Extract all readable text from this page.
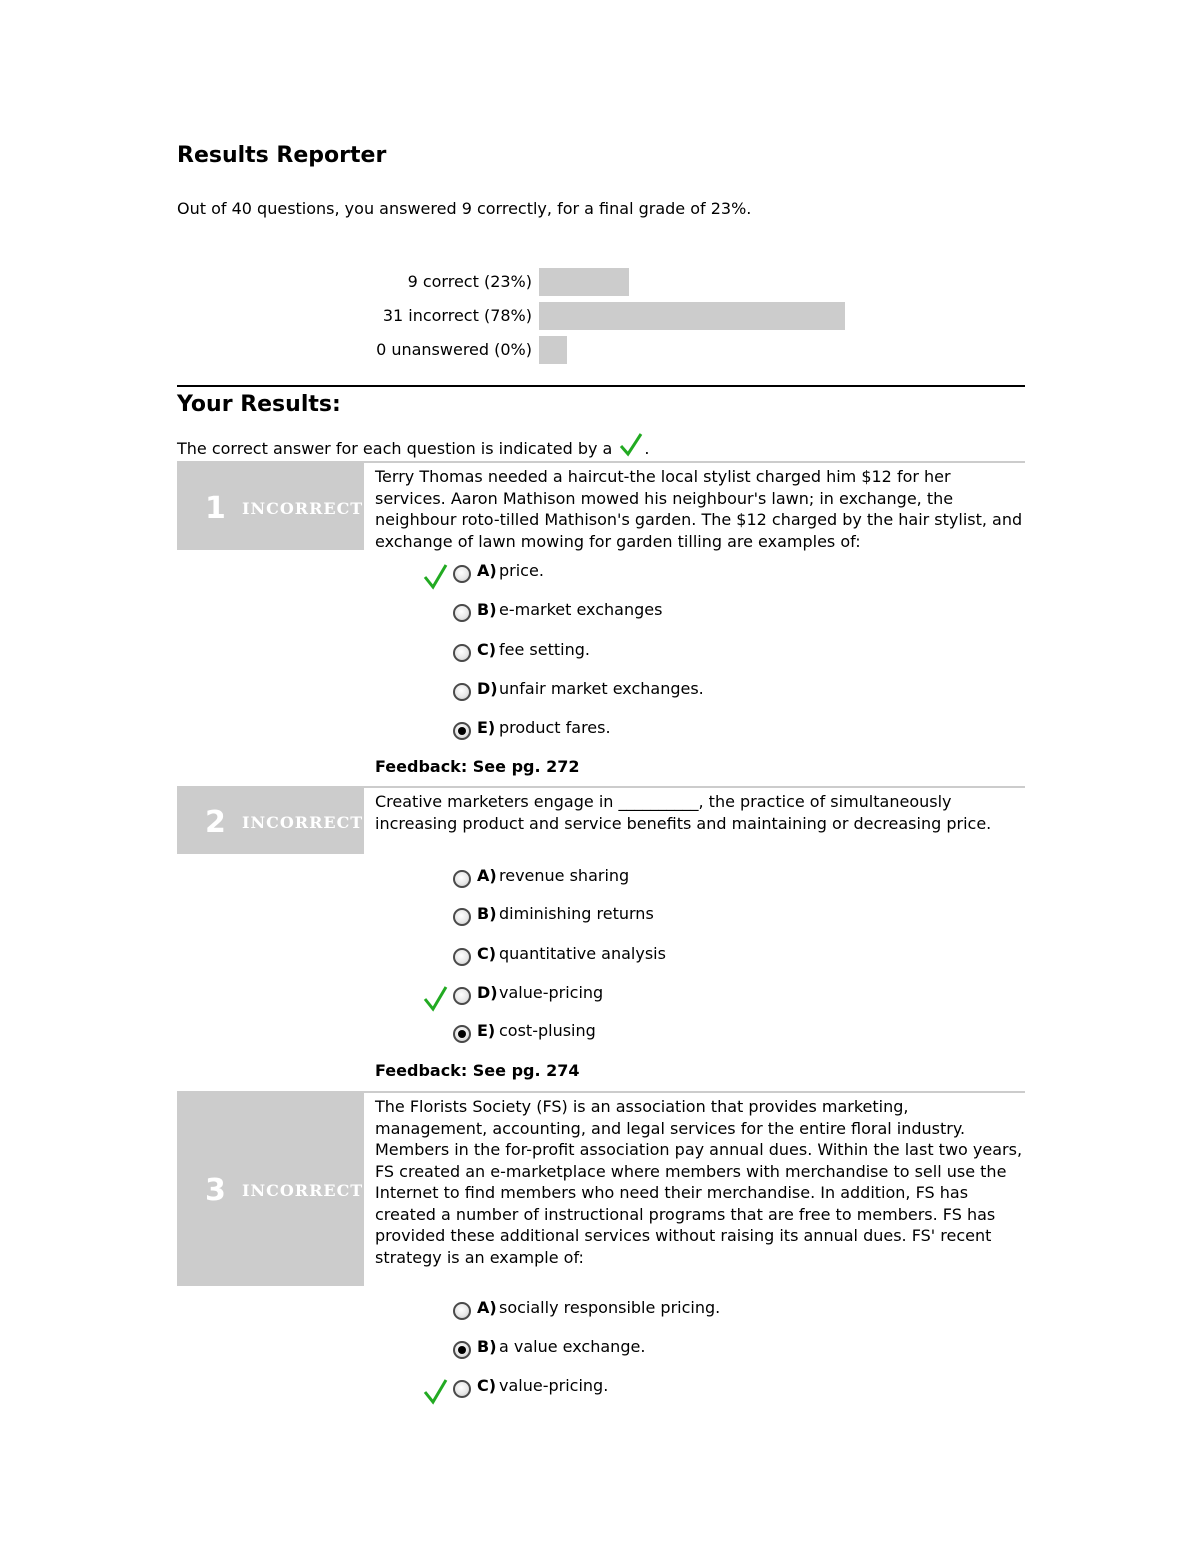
Results Reporter
Out of 40 questions, you answered 9 correctly, for a final grade of 23%.
9 correct (23%)
31 incorrect (78%)
0 unanswered (0%)
Your Results:
The correct answer for each question is indicated by a .
1 INCORRECT
Terry Thomas needed a haircut-the local stylist charged him $12 for her services. Aaron Mathison mowed his neighbour's lawn; in exchange, the neighbour roto-tilled Mathison's garden. The $12 charged by the hair stylist, and exchange of lawn mowing for garden tilling are examples of:
A) price.
B) e-market exchanges
C) fee setting.
D) unfair market exchanges.
E) product fares.
Feedback: See pg. 272
2 INCORRECT
Creative marketers engage in __________, the practice of simultaneously increasing product and service benefits and maintaining or decreasing price.
A) revenue sharing
B) diminishing returns
C) quantitative analysis
D) value-pricing
E) cost-plusing
Feedback: See pg. 274
3 INCORRECT
The Florists Society (FS) is an association that provides marketing, management, accounting, and legal services for the entire floral industry. Members in the for-profit association pay annual dues. Within the last two years, FS created an e-marketplace where members with merchandise to sell use the Internet to find members who need their merchandise. In addition, FS has created a number of instructional programs that are free to members. FS has provided these additional services without raising its annual dues. FS' recent strategy is an example of:
A) socially responsible pricing.
B) a value exchange.
C) value-pricing.
